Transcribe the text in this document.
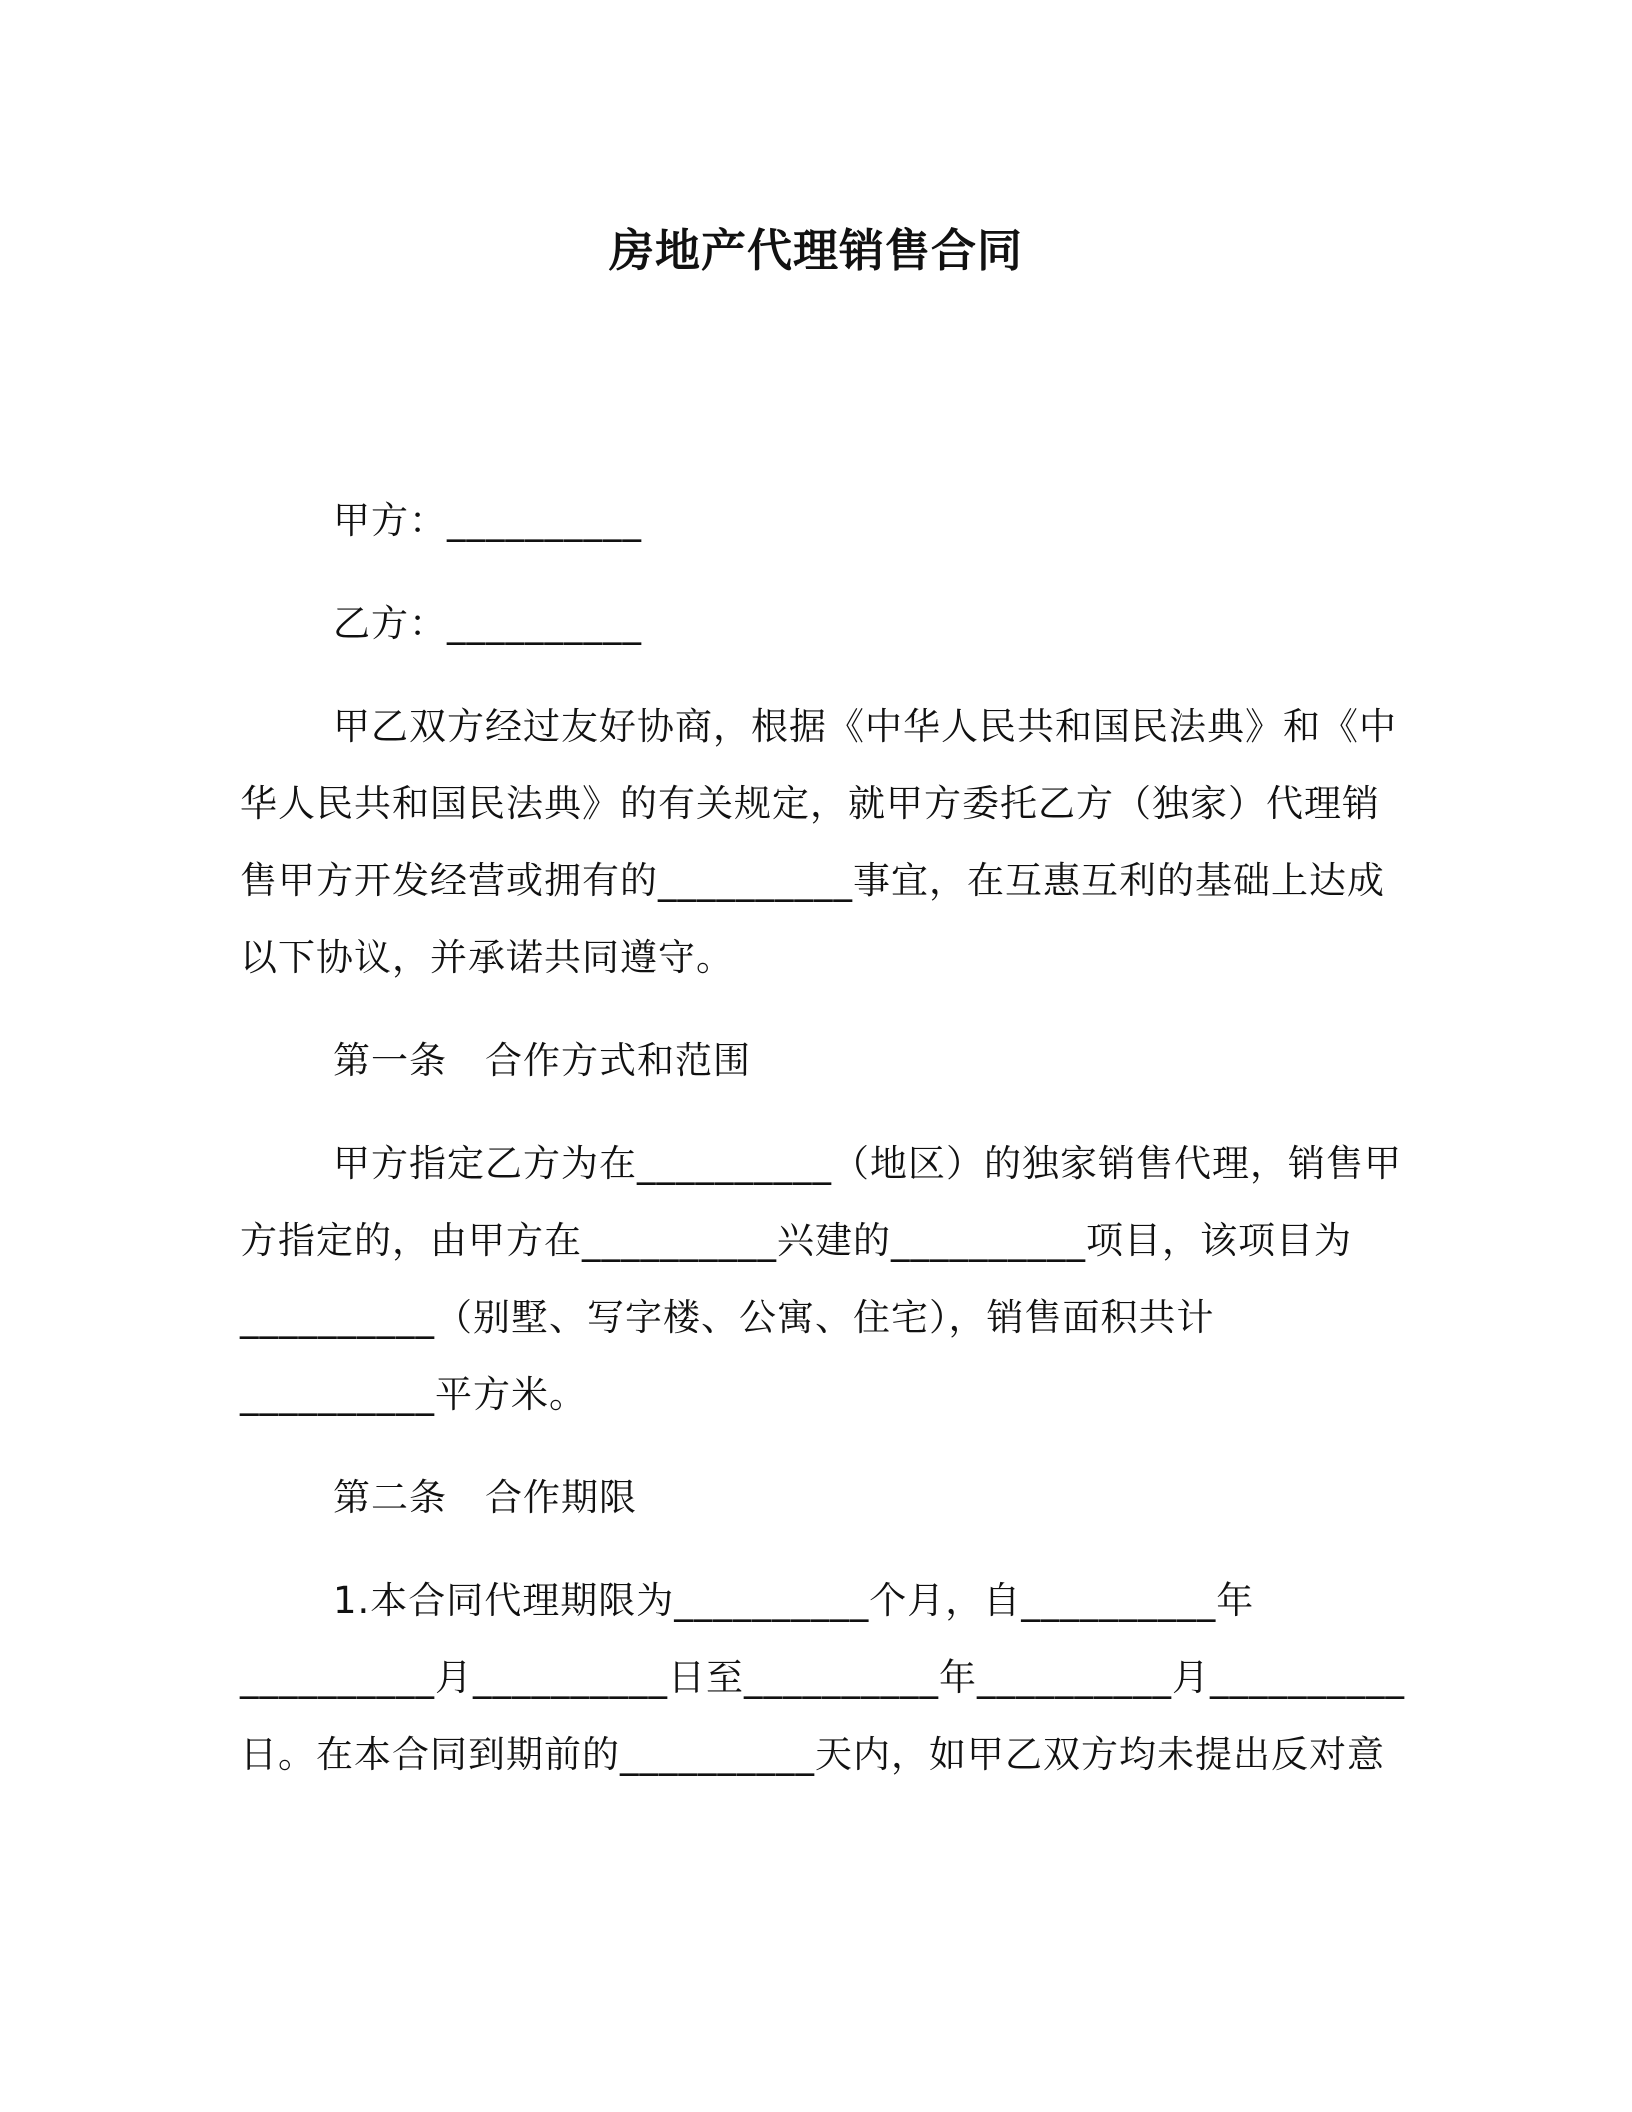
房地产代理销售合同
甲方：__________
乙方：__________
甲乙双方经过友好协商，根据《中华人民共和国民法典》和《中
华人民共和国民法典》的有关规定，就甲方委托乙方（独家）代理销
售甲方开发经营或拥有的__________事宜，在互惠互利的基础上达成
以下协议，并承诺共同遵守。
第一条　合作方式和范围
甲方指定乙方为在__________（地区）的独家销售代理，销售甲
方指定的，由甲方在__________兴建的__________项目，该项目为
__________（别墅、写字楼、公寓、住宅），销售面积共计
__________平方米。
第二条　合作期限
1.本合同代理期限为__________个月，自__________年
__________月__________日至__________年__________月__________
日。在本合同到期前的__________天内，如甲乙双方均未提出反对意
